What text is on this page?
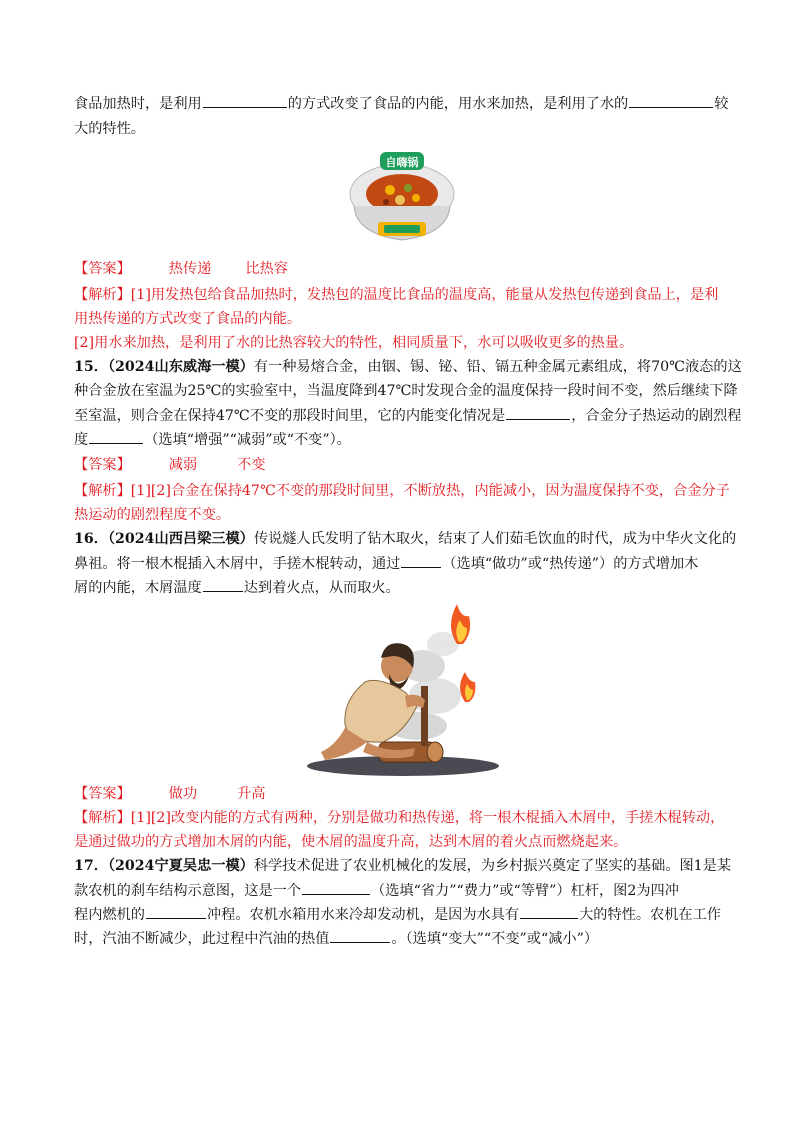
食品加热时，是利用	的方式改变了食品的内能，用水来加热，是利用了水的	较
大的特性。
自嗨锅
【答案】	热传递 比热容
【解析】[1]用发热包给食品加热时，发热包的温度比食品的温度高，能量从发热包传递到食品上，是利
用热传递的方式改变了食品的内能。
[2]用水来加热，是利用了水的比热容较大的特性，相同质量下，水可以吸收更多的热量。
15．（2024山东威海一模）有一种易熔合金，由铟、锡、铋、铅、镉五种金属元素组成，将70℃液态的这
种合金放在室温为25℃的实验室中，当温度降到47℃时发现合金的温度保持一段时间不变，然后继续下降
至室温，则合金在保持47℃不变的那段时间里，它的内能变化情况是	，合金分子热运动的剧烈程
度	（选填“增强”“减弱”或“不变”）。
【答案】	减弱	不变
【解析】[1][2]合金在保持47℃不变的那段时间里，不断放热，内能减小，因为温度保持不变，合金分子
热运动的剧烈程度不变。
16．（2024山西吕梁三模）传说燧人氏发明了钻木取火，结束了人们茹毛饮血的时代，成为中华火文化的
鼻祖。将一根木棍插入木屑中，手搓木棍转动，通过	（选填“做功”或“热传递”）的方式增加木
屑的内能，木屑温度	达到着火点，从而取火。
【答案】	做功	升高
【解析】[1][2]改变内能的方式有两种，分别是做功和热传递，将一根木棍插入木屑中，手搓木棍转动，
是通过做功的方式增加木屑的内能，使木屑的温度升高，达到木屑的着火点而燃烧起来。
17．（2024宁夏吴忠一模）科学技术促进了农业机械化的发展，为乡村振兴奠定了坚实的基础。图1是某
款农机的刹车结构示意图，这是一个	（选填“省力”“费力”或“等臂”）杠杆，图2为四冲
程内燃机的	冲程。农机水箱用水来冷却发动机，是因为水具有	大的特性。农机在工作
时，汽油不断减少，此过程中汽油的热值	。（选填“变大”“不变”或“减小”）
